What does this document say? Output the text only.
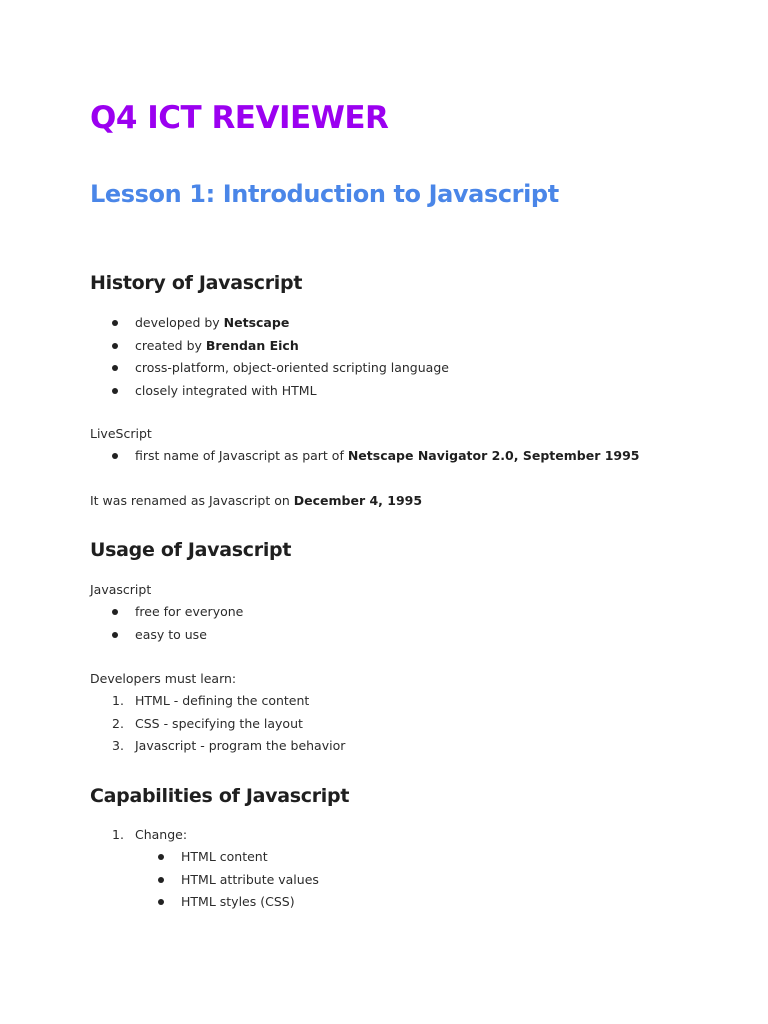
Q4 ICT REVIEWER
Lesson 1: Introduction to Javascript
History of Javascript
developed by Netscape
created by Brendan Eich
cross-platform, object-oriented scripting language
closely integrated with HTML

LiveScript

first name of Javascript as part of Netscape Navigator 2.0, September 1995

It was renamed as Javascript on December 4, 1995

Usage of Javascript

Javascript

free for everyone
easy to use

Developers must learn:

1. HTML - defining the content
2. CSS - specifying the layout
3. Javascript - program the behavior
Capabilities of Javascript
1. Change:
HTML content
HTML attribute values
HTML styles (CSS)
